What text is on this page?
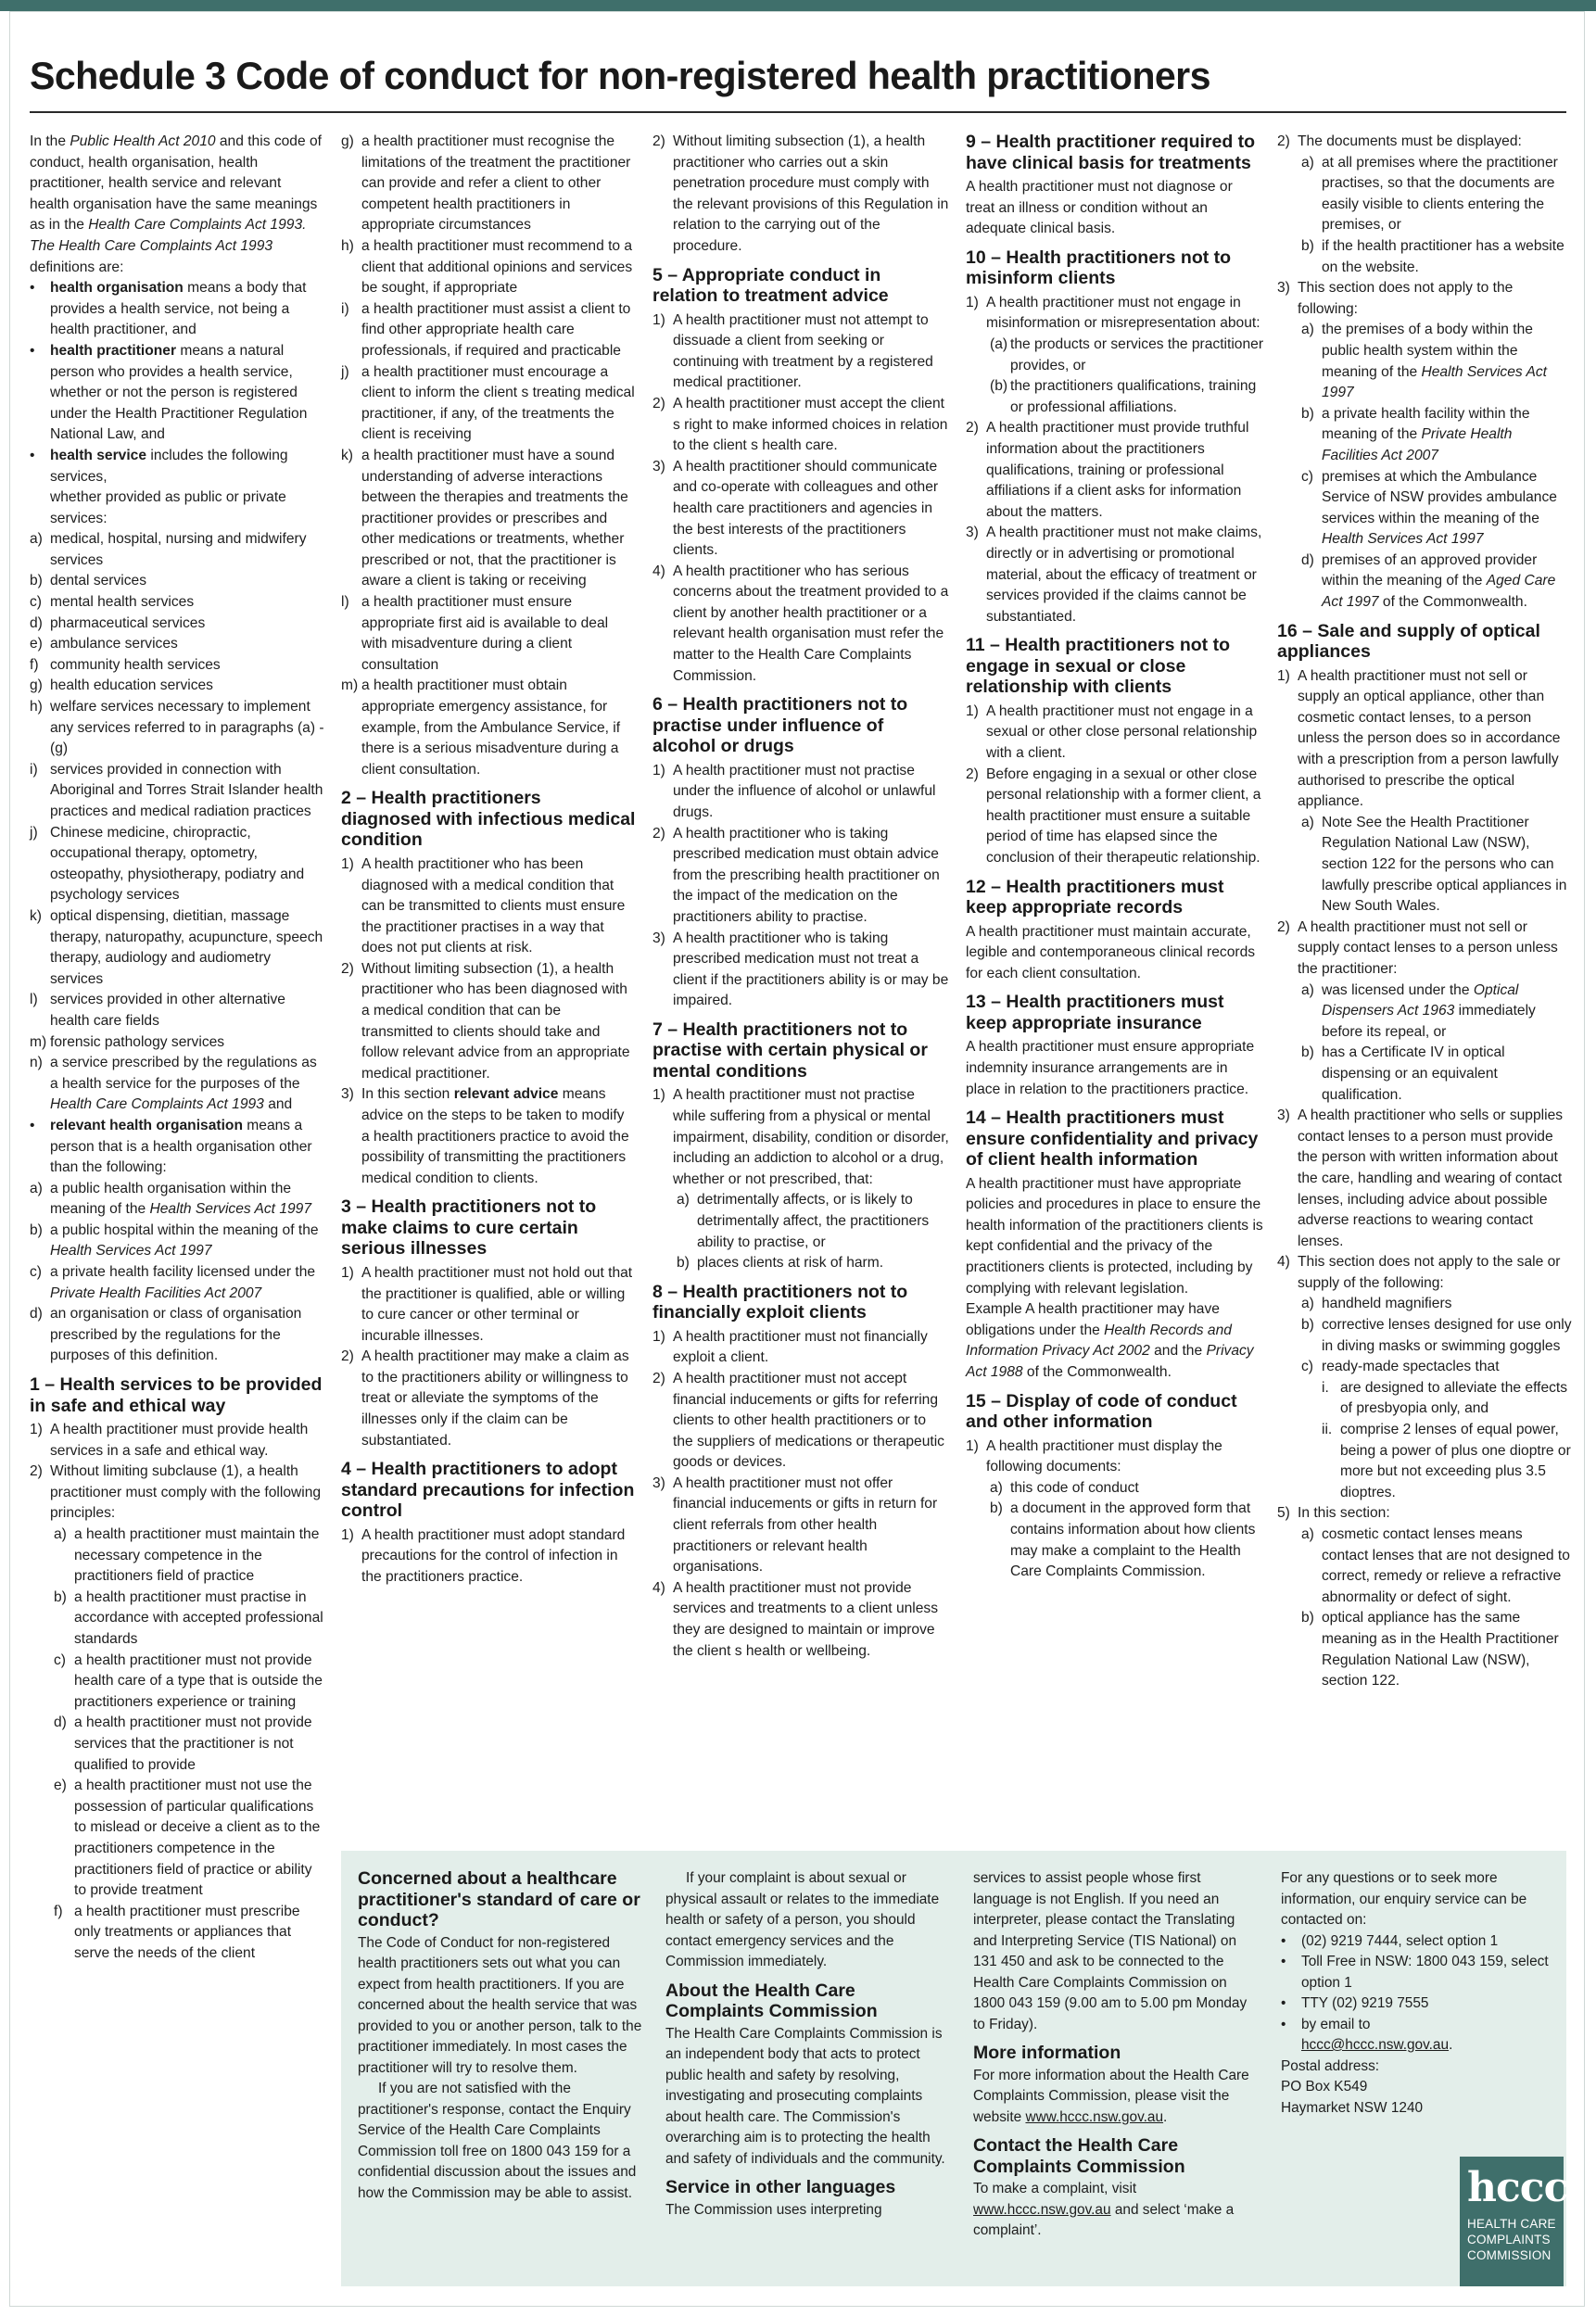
Schedule 3 Code of conduct for non-registered health practitioners

In the Public Health Act 2010 and this code of conduct, health organisation, health practitioner, health service and relevant health organisation have the same meanings as in the Health Care Complaints Act 1993.

The Health Care Complaints Act 1993
definitions are:

• health organisation means a body that provides a health service, not being a health practitioner, and
• health practitioner means a natural person who provides a health service, whether or not the person is registered under the Health Practitioner Regulation National Law, and
• health service includes the following services,
whether provided as public or private services:
a) medical, hospital, nursing and midwifery services
b) dental services
c) mental health services
d) pharmaceutical services
e) ambulance services
f) community health services
g) health education services
h) welfare services necessary to implement any services referred to in paragraphs (a) - (g)
i) services provided in connection with Aboriginal and Torres Strait Islander health practices and medical radiation practices
j) Chinese medicine, chiropractic, occupational therapy, optometry, osteopathy, physiotherapy, podiatry and psychology services
k) optical dispensing, dietitian, massage therapy, naturopathy, acupuncture, speech therapy, audiology and audiometry services
l) services provided in other alternative health care fields
m) forensic pathology services
n) a service prescribed by the regulations as a health service for the purposes of the Health Care Complaints Act 1993 and
• relevant health organisation means a person that is a health organisation other than the following:
a) a public health organisation within the meaning of the Health Services Act 1997
b) a public hospital within the meaning of the Health Services Act 1997
c) a private health facility licensed under the Private Health Facilities Act 2007
d) an organisation or class of organisation prescribed by the regulations for the purposes of this definition.
1 – Health services to be provided in safe and ethical way
1) A health practitioner must provide health services in a safe and ethical way.
2) Without limiting subclause (1), a health practitioner must comply with the following principles:
a) a health practitioner must maintain the necessary competence in the practitioners field of practice
b) a health practitioner must practise in accordance with accepted professional standards
c) a health practitioner must not provide health care of a type that is outside the practitioners experience or training
d) a health practitioner must not provide services that the practitioner is not qualified to provide
e) a health practitioner must not use the possession of particular qualifications to mislead or deceive a client as to the practitioners competence in the practitioners field of practice or ability to provide treatment
f) a health practitioner must prescribe only treatments or appliances that serve the needs of the client
g) a health practitioner must recognise the limitations of the treatment the practitioner can provide and refer a client to other competent health practitioners in appropriate circumstances
h) a health practitioner must recommend to a client that additional opinions and services be sought, if appropriate
i) a health practitioner must assist a client to find other appropriate health care professionals, if required and practicable
j) a health practitioner must encourage a client to inform the client s treating medical practitioner, if any, of the treatments the client is receiving
k) a health practitioner must have a sound understanding of adverse interactions between the therapies and treatments the practitioner provides or prescribes and other medications or treatments, whether prescribed or not, that the practitioner is aware a client is taking or receiving
l) a health practitioner must ensure appropriate first aid is available to deal with misadventure during a client consultation
m) a health practitioner must obtain appropriate emergency assistance, for example, from the Ambulance Service, if there is a serious misadventure during a client consultation.
2 – Health practitioners diagnosed with infectious medical condition
1) A health practitioner who has been diagnosed with a medical condition that can be transmitted to clients must ensure the practitioner practises in a way that does not put clients at risk.
2) Without limiting subsection (1), a health practitioner who has been diagnosed with a medical condition that can be transmitted to clients should take and follow relevant advice from an appropriate medical practitioner.
3) In this section relevant advice means advice on the steps to be taken to modify a health practitioners practice to avoid the possibility of transmitting the practitioners medical condition to clients.
3 – Health practitioners not to make claims to cure certain serious illnesses
1) A health practitioner must not hold out that the practitioner is qualified, able or willing to cure cancer or other terminal or incurable illnesses.
2) A health practitioner may make a claim as to the practitioners ability or willingness to treat or alleviate the symptoms of the illnesses only if the claim can be substantiated.
4 – Health practitioners to adopt standard precautions for infection control
1) A health practitioner must adopt standard precautions for the control of infection in the practitioners practice.
2) Without limiting subsection (1), a health practitioner who carries out a skin penetration procedure must comply with the relevant provisions of this Regulation in relation to the carrying out of the procedure.
5 – Appropriate conduct in relation to treatment advice
1) A health practitioner must not attempt to dissuade a client from seeking or continuing with treatment by a registered medical practitioner.
2) A health practitioner must accept the client s right to make informed choices in relation to the client s health care.
3) A health practitioner should communicate and co-operate with colleagues and other health care practitioners and agencies in the best interests of the practitioners clients.
4) A health practitioner who has serious concerns about the treatment provided to a client by another health practitioner or a relevant health organisation must refer the matter to the Health Care Complaints Commission.
6 – Health practitioners not to practise under influence of alcohol or drugs
1) A health practitioner must not practise under the influence of alcohol or unlawful drugs.
2) A health practitioner who is taking prescribed medication must obtain advice from the prescribing health practitioner on the impact of the medication on the practitioners ability to practise.
3) A health practitioner who is taking prescribed medication must not treat a client if the practitioners ability is or may be impaired.
7 – Health practitioners not to practise with certain physical or mental conditions
1) A health practitioner must not practise while suffering from a physical or mental impairment, disability, condition or disorder, including an addiction to alcohol or a drug, whether or not prescribed, that:
a) detrimentally affects, or is likely to detrimentally affect, the practitioners ability to practise, or
b) places clients at risk of harm.
8 – Health practitioners not to financially exploit clients
1) A health practitioner must not financially exploit a client.
2) A health practitioner must not accept financial inducements or gifts for referring clients to other health practitioners or to the suppliers of medications or therapeutic goods or devices.
3) A health practitioner must not offer financial inducements or gifts in return for client referrals from other health practitioners or relevant health organisations.
4) A health practitioner must not provide services and treatments to a client unless they are designed to maintain or improve the client s health or wellbeing.
9 – Health practitioner required to have clinical basis for treatments

A health practitioner must not diagnose or treat an illness or condition without an adequate clinical basis.

10 – Health practitioners not to misinform clients
1) A health practitioner must not engage in misinformation or misrepresentation about:
(a) the products or services the practitioner provides, or
(b) the practitioners qualifications, training or professional affiliations.
2) A health practitioner must provide truthful information about the practitioners qualifications, training or professional affiliations if a client asks for information about the matters.
3) A health practitioner must not make claims, directly or in advertising or promotional material, about the efficacy of treatment or services provided if the claims cannot be substantiated.
11 – Health practitioners not to engage in sexual or close relationship with clients
1) A health practitioner must not engage in a sexual or other close personal relationship with a client.
2) Before engaging in a sexual or other close personal relationship with a former client, a health practitioner must ensure a suitable period of time has elapsed since the conclusion of their therapeutic relationship.
12 – Health practitioners must keep appropriate records

A health practitioner must maintain accurate, legible and contemporaneous clinical records for each client consultation.

13 – Health practitioners must keep appropriate insurance

A health practitioner must ensure appropriate indemnity insurance arrangements are in place in relation to the practitioners practice.

14 – Health practitioners must ensure confidentiality and privacy of client health information

A health practitioner must have appropriate policies and procedures in place to ensure the health information of the practitioners clients is kept confidential and the privacy of the practitioners clients is protected, including by complying with relevant legislation.

Example A health practitioner may have obligations under the Health Records and Information Privacy Act 2002 and the Privacy Act 1988 of the Commonwealth.

15 – Display of code of conduct and other information
1) A health practitioner must display the following documents:
a) this code of conduct
b) a document in the approved form that contains information about how clients may make a complaint to the Health Care Complaints Commission.
2) The documents must be displayed:
a) at all premises where the practitioner practises, so that the documents are easily visible to clients entering the premises, or
b) if the health practitioner has a website on the website.
3) This section does not apply to the following:
a) the premises of a body within the public health system within the meaning of the Health Services Act 1997
b) a private health facility within the meaning of the Private Health Facilities Act 2007
c) premises at which the Ambulance Service of NSW provides ambulance services within the meaning of the Health Services Act 1997
d) premises of an approved provider within the meaning of the Aged Care Act 1997 of the Commonwealth.
16 – Sale and supply of optical appliances
1) A health practitioner must not sell or supply an optical appliance, other than cosmetic contact lenses, to a person unless the person does so in accordance with a prescription from a person lawfully authorised to prescribe the optical appliance.
a) Note See the Health Practitioner Regulation National Law (NSW), section 122 for the persons who can lawfully prescribe optical appliances in New South Wales.
2) A health practitioner must not sell or supply contact lenses to a person unless the practitioner:
a) was licensed under the Optical Dispensers Act 1963 immediately before its repeal, or
b) has a Certificate IV in optical dispensing or an equivalent qualification.
3) A health practitioner who sells or supplies contact lenses to a person must provide the person with written information about the care, handling and wearing of contact lenses, including advice about possible adverse reactions to wearing contact lenses.
4) This section does not apply to the sale or supply of the following:
a) handheld magnifiers
b) corrective lenses designed for use only in diving masks or swimming goggles
c) ready-made spectacles that
i. are designed to alleviate the effects of presbyopia only, and
ii. comprise 2 lenses of equal power, being a power of plus one dioptre or more but not exceeding plus 3.5 dioptres.
5) In this section:
a) cosmetic contact lenses means contact lenses that are not designed to correct, remedy or relieve a refractive abnormality or defect of sight.
b) optical appliance has the same meaning as in the Health Practitioner Regulation National Law (NSW), section 122.
Concerned about a healthcare practitioner's standard of care or conduct?

The Code of Conduct for non-registered health practitioners sets out what you can expect from health practitioners. If you are concerned about the health service that was provided to you or another person, talk to the practitioner immediately. In most cases the practitioner will try to resolve them.

If you are not satisfied with the practitioner's response, contact the Enquiry Service of the Health Care Complaints Commission toll free on 1800 043 159 for a confidential discussion about the issues and how the Commission may be able to assist.

If your complaint is about sexual or physical assault or relates to the immediate health or safety of a person, you should contact emergency services and the Commission immediately.

About the Health Care Complaints Commission

The Health Care Complaints Commission is an independent body that acts to protect public health and safety by resolving, investigating and prosecuting complaints about health care. The Commission's overarching aim is to protecting the health and safety of individuals and the community.

Service in other languages

The Commission uses interpreting

services to assist people whose first language is not English. If you need an interpreter, please contact the Translating and Interpreting Service (TIS National) on 131 450 and ask to be connected to the Health Care Complaints Commission on 1800 043 159 (9.00 am to 5.00 pm Monday to Friday).

More information

For more information about the Health Care Complaints Commission, please visit the website www.hccc.nsw.gov.au.

Contact the Health Care Complaints Commission

To make a complaint, visit www.hccc.nsw.gov.au and select ‘make a complaint’.

For any questions or to seek more information, our enquiry service can be contacted on:

• (02) 9219 7444, select option 1
• Toll Free in NSW: 1800 043 159, select option 1
• TTY (02) 9219 7555
• by email to

hccc@hccc.nsw.gov.au.

Postal address:

PO Box K549

Haymarket NSW 1240

hccc
HEALTH CARE
COMPLAINTS
COMMISSION
